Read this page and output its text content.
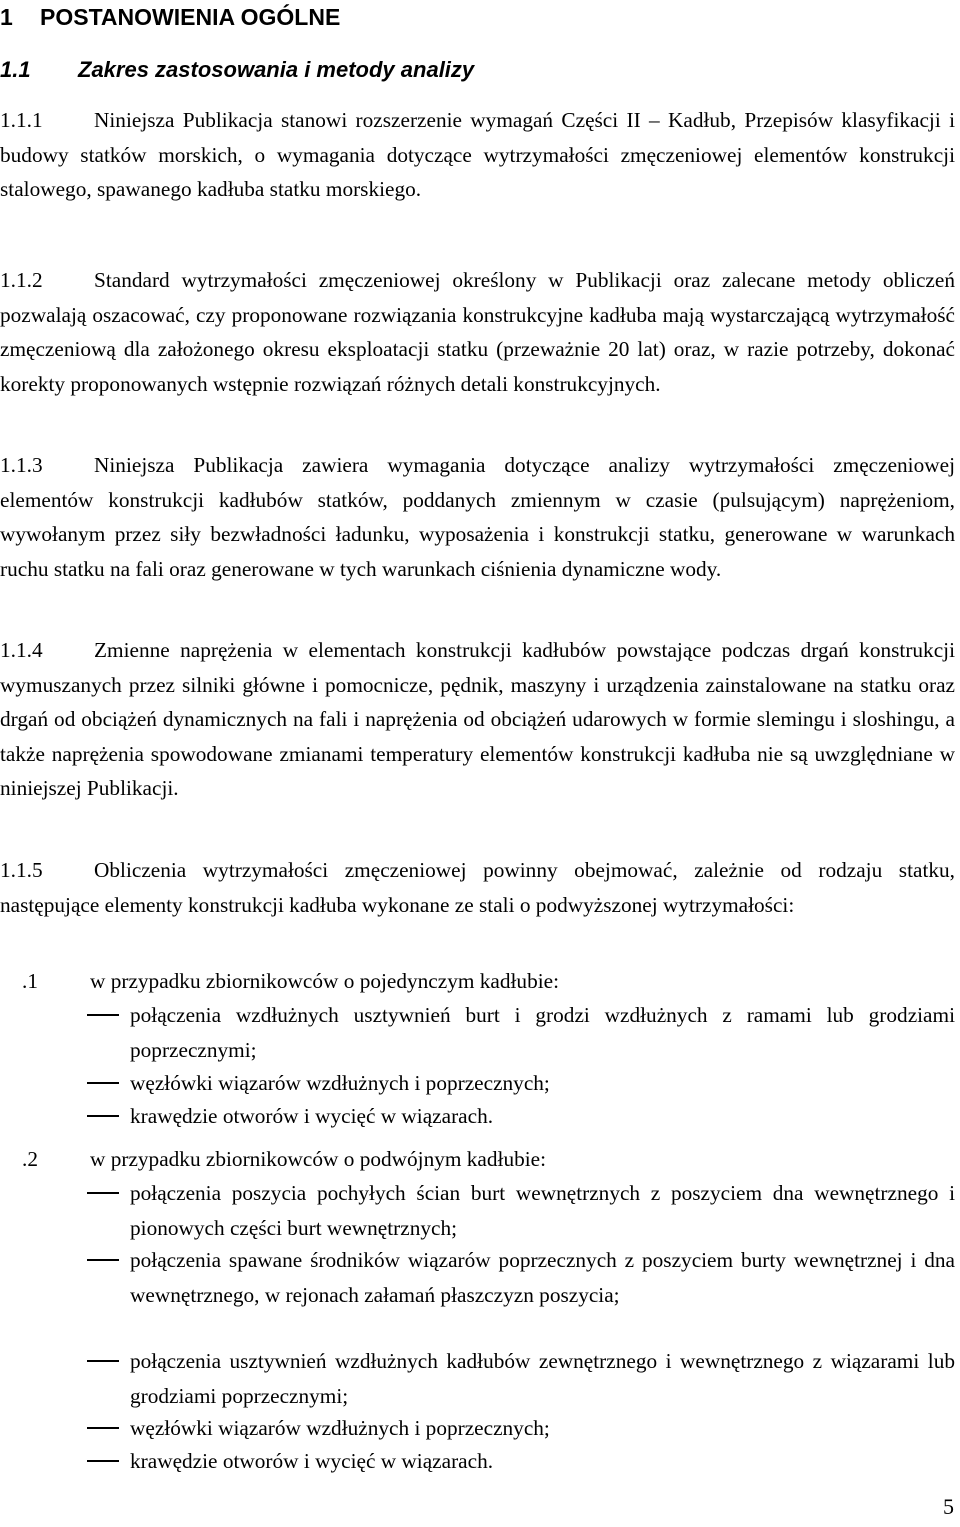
1 POSTANOWIENIA OGÓLNE
1.1 Zakres zastosowania i metody analizy
1.1.1 Niniejsza Publikacja stanowi rozszerzenie wymagań Części II ‒ Kadłub, Przepisów klasyfikacji i budowy statków morskich, o wymagania dotyczące wytrzymałości zmęczeniowej elementów konstrukcji stalowego, spawanego kadłuba statku morskiego.
1.1.2 Standard wytrzymałości zmęczeniowej określony w Publikacji oraz zalecane metody obliczeń pozwalają oszacować, czy proponowane rozwiązania konstrukcyjne kadłuba mają wystarczającą wytrzymałość zmęczeniową dla założonego okresu eksploatacji statku (przeważnie 20 lat) oraz, w razie potrzeby, dokonać korekty proponowanych wstępnie rozwiązań różnych detali konstrukcyjnych.
1.1.3 Niniejsza Publikacja zawiera wymagania dotyczące analizy wytrzymałości zmęczeniowej elementów konstrukcji kadłubów statków, poddanych zmiennym w czasie (pulsującym) naprężeniom, wywołanym przez siły bezwładności ładunku, wyposażenia i konstrukcji statku, generowane w warunkach ruchu statku na fali oraz generowane w tych warunkach ciśnienia dynamiczne wody.
1.1.4 Zmienne naprężenia w elementach konstrukcji kadłubów powstające podczas drgań konstrukcji wymuszanych przez silniki główne i pomocnicze, pędnik, maszyny i urządzenia zainstalowane na statku oraz drgań od obciążeń dynamicznych na fali i naprężenia od obciążeń udarowych w formie slemingu i sloshingu, a także naprężenia spowodowane zmianami temperatury elementów konstrukcji kadłuba nie są uwzględniane w niniejszej Publikacji.
1.1.5 Obliczenia wytrzymałości zmęczeniowej powinny obejmować, zależnie od rodzaju statku, następujące elementy konstrukcji kadłuba wykonane ze stali o podwyższonej wytrzymałości:
.1 w przypadku zbiornikowców o pojedynczym kadłubie:
połączenia wzdłużnych usztywnień burt i grodzi wzdłużnych z ramami lub grodziami poprzecznymi;
węzłówki wiązarów wzdłużnych i poprzecznych;
krawędzie otworów i wycięć w wiązarach.
.2 w przypadku zbiornikowców o podwójnym kadłubie:
połączenia poszycia pochyłych ścian burt wewnętrznych z poszyciem dna wewnętrznego i pionowych części burt wewnętrznych;
połączenia spawane środników wiązarów poprzecznych z poszyciem burty wewnętrznej i dna wewnętrznego, w rejonach załamań płaszczyzn poszycia;
połączenia usztywnień wzdłużnych kadłubów zewnętrznego i wewnętrznego z wiązarami lub grodziami poprzecznymi;
węzłówki wiązarów wzdłużnych i poprzecznych;
krawędzie otworów i wycięć w wiązarach.
5
